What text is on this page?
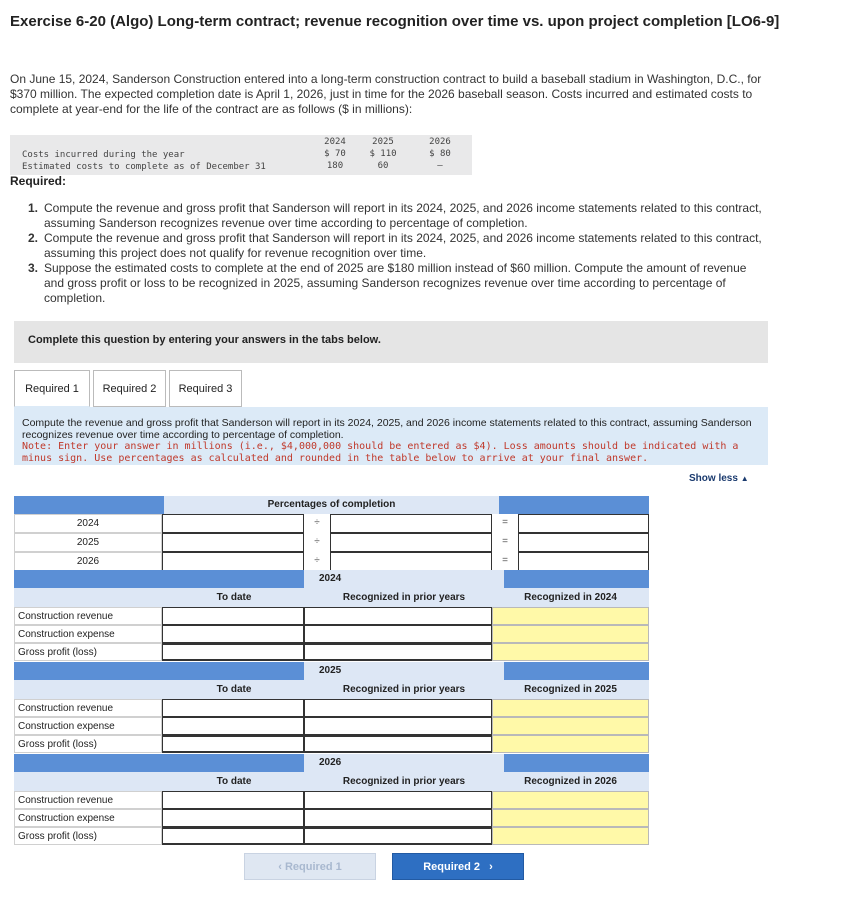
Exercise 6-20 (Algo) Long-term contract; revenue recognition over time vs. upon project completion [LO6-9]
On June 15, 2024, Sanderson Construction entered into a long-term construction contract to build a baseball stadium in Washington, D.C., for $370 million. The expected completion date is April 1, 2026, just in time for the 2026 baseball season. Costs incurred and estimated costs to complete at year-end for the life of the contract are as follows ($ in millions):
2024	2025	2026
Costs incurred during the year	$ 70	$ 110	$ 80
Estimated costs to complete as of December 31	180	60	–
Required:
1. Compute the revenue and gross profit that Sanderson will report in its 2024, 2025, and 2026 income statements related to this contract, assuming Sanderson recognizes revenue over time according to percentage of completion.
2. Compute the revenue and gross profit that Sanderson will report in its 2024, 2025, and 2026 income statements related to this contract, assuming this project does not qualify for revenue recognition over time.
3. Suppose the estimated costs to complete at the end of 2025 are $180 million instead of $60 million. Compute the amount of revenue and gross profit or loss to be recognized in 2025, assuming Sanderson recognizes revenue over time according to percentage of completion.
Complete this question by entering your answers in the tabs below.
Required 1	Required 2	Required 3
Compute the revenue and gross profit that Sanderson will report in its 2024, 2025, and 2026 income statements related to this contract, assuming Sanderson recognizes revenue over time according to percentage of completion.
Note: Enter your answer in millions (i.e., $4,000,000 should be entered as $4). Loss amounts should be indicated with a minus sign. Use percentages as calculated and rounded in the table below to arrive at your final answer.
Show less ▲
Percentages of completion
2024	÷	=
2025	÷	=
2026	÷	=
2024
To date	Recognized in prior years	Recognized in 2024
Construction revenue
Construction expense
Gross profit (loss)
2025
To date	Recognized in prior years	Recognized in 2025
Construction revenue
Construction expense
Gross profit (loss)
2026
To date	Recognized in prior years	Recognized in 2026
Construction revenue
Construction expense
Gross profit (loss)
‹ Required 1	Required 2 ›
